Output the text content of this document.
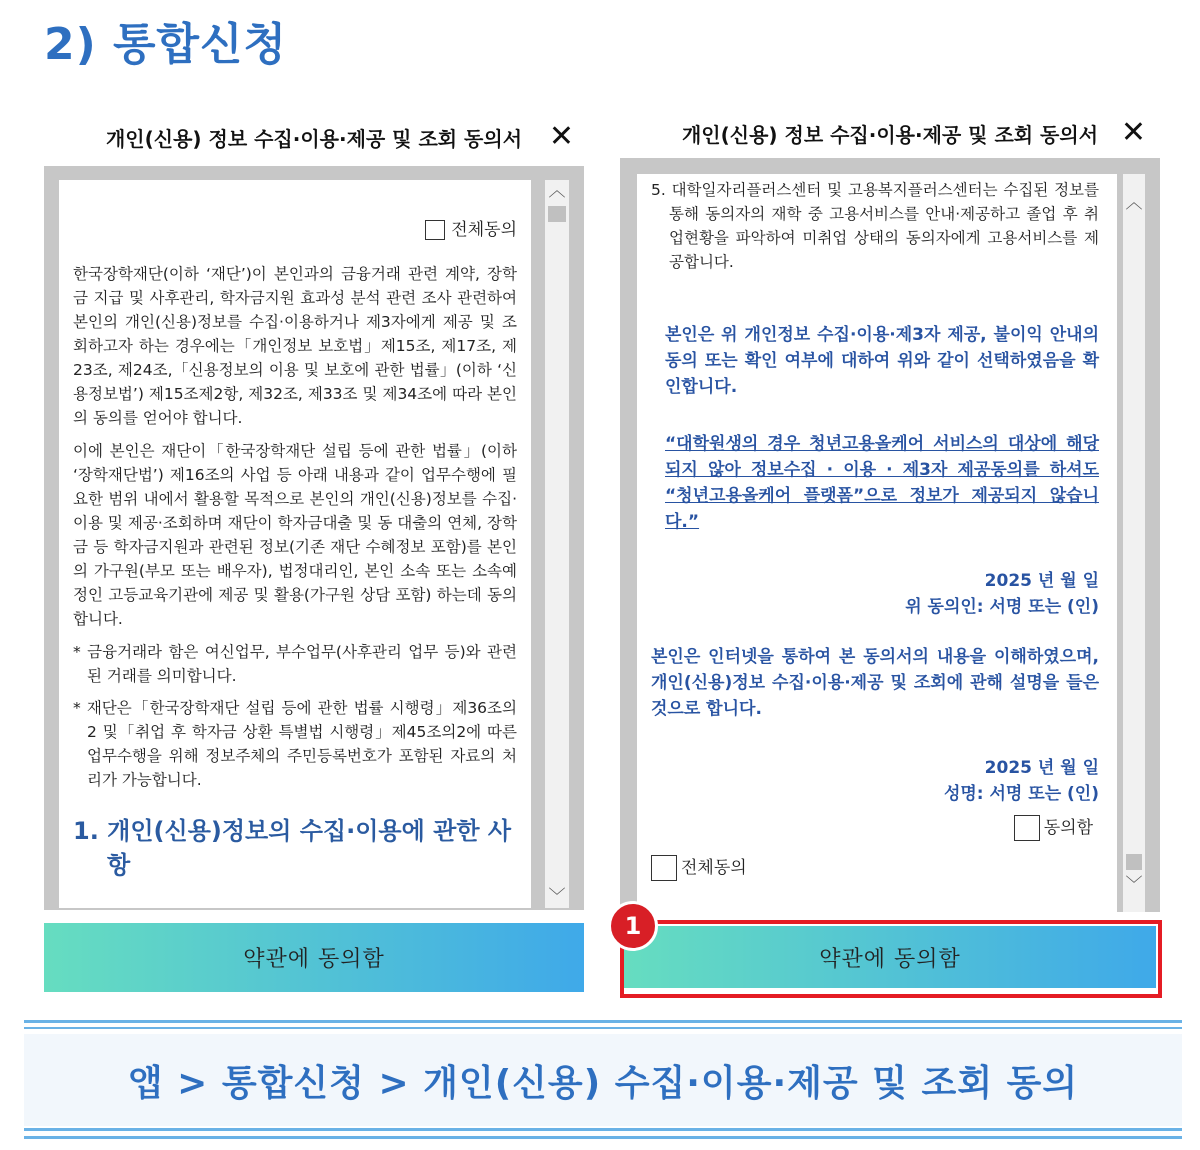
2) 통합신청
개인(신용) 정보 수집·이용·제공 및 조회 동의서 ✕
전체동의

한국장학재단(이하 ‘재단’)이 본인과의 금융거래 관련 계약, 장학금 지급 및 사후관리, 학자금지원 효과성 분석 관련 조사 관련하여 본인의 개인(신용)정보를 수집·이용하거나 제3자에게 제공 및 조회하고자 하는 경우에는「개인정보 보호법」제15조, 제17조, 제23조, 제24조,「신용정보의 이용 및 보호에 관한 법률」(이하 ‘신용정보법’) 제15조제2항, 제32조, 제33조 및 제34조에 따라 본인의 동의를 얻어야 합니다.

이에 본인은 재단이「한국장학재단 설립 등에 관한 법률」(이하 ‘장학재단법’) 제16조의 사업 등 아래 내용과 같이 업무수행에 필요한 범위 내에서 활용할 목적으로 본인의 개인(신용)정보를 수집·이용 및 제공·조회하며 재단이 학자금대출 및 동 대출의 연체, 장학금 등 학자금지원과 관련된 정보(기존 재단 수혜정보 포함)를 본인의 가구원(부모 또는 배우자), 법정대리인, 본인 소속 또는 소속예정인 고등교육기관에 제공 및 활용(가구원 상담 포함) 하는데 동의합니다.

* 금융거래라 함은 여신업무, 부수업무(사후관리 업무 등)와 관련된 거래를 의미합니다.

* 재단은「한국장학재단 설립 등에 관한 법률 시행령」제36조의 2 및「취업 후 학자금 상환 특별법 시행령」제45조의2에 따른 업무수행을 위해 정보주체의 주민등록번호가 포함된 자료의 처리가 가능합니다.

1. 개인(신용)정보의 수집·이용에 관한 사항
︿
﹀
약관에 동의함
개인(신용) 정보 수집·이용·제공 및 조회 동의서 ✕

5. 대학일자리플러스센터 및 고용복지플러스센터는 수집된 정보를 통해 동의자의 재학 중 고용서비스를 안내·제공하고 졸업 후 취업현황을 파악하여 미취업 상태의 동의자에게 고용서비스를 제공합니다.

본인은 위 개인정보 수집·이용·제3자 제공, 불이익 안내의 동의 또는 확인 여부에 대하여 위와 같이 선택하였음을 확인합니다.

“대학원생의 경우 청년고용올케어 서비스의 대상에 해당되지 않아 정보수집 · 이용 · 제3자 제공동의를 하셔도 “청년고용올케어 플랫폼”으로 정보가 제공되지 않습니다.”

2025 년 월 일
위 동의인: 서명 또는 (인)

본인은 인터넷을 통하여 본 동의서의 내용을 이해하였으며, 개인(신용)정보 수집·이용·제공 및 조회에 관해 설명을 들은 것으로 합니다.

2025 년 월 일
성명: 서명 또는 (인)
동의함
전체동의
︿
﹀
약관에 동의함
1
앱 > 통합신청 > 개인(신용) 수집·이용·제공 및 조회 동의
